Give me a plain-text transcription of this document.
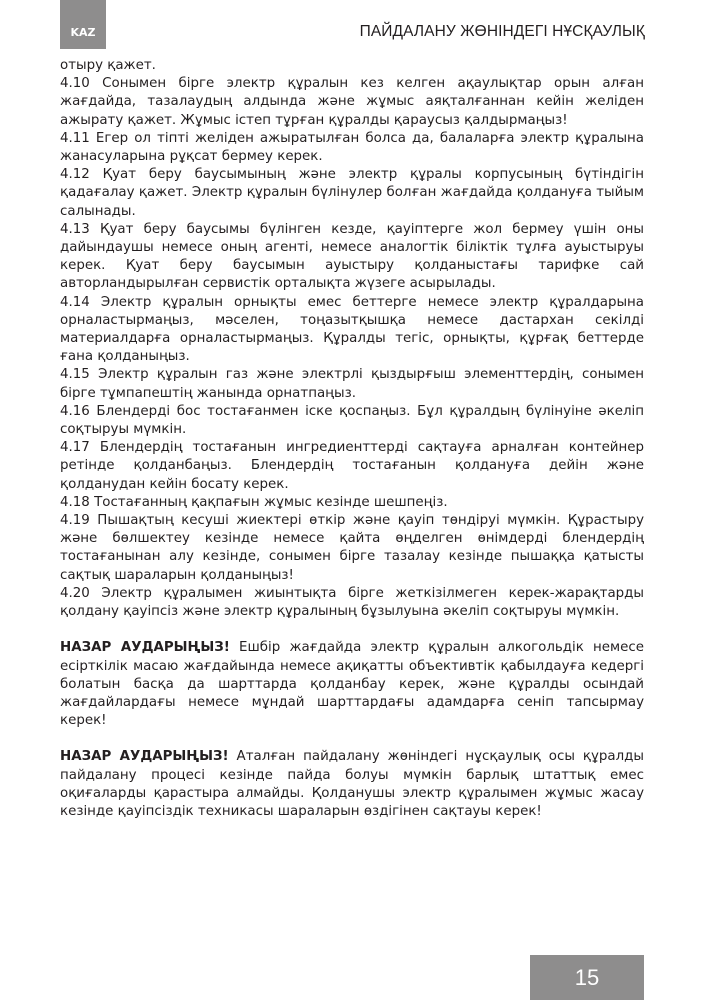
KAZ	ПАЙДАЛАНУ ЖӨНІНДЕГІ НҰСҚАУЛЫҚ

отыру қажет.

4.10 Сонымен бірге электр құралын кез келген ақаулықтар орын алған жағдайда, тазалаудың алдында және жұмыс аяқталғаннан кейін желіден ажырату қажет. Жұмыс істеп тұрған құралды қараусыз қалдырмаңыз!

4.11 Егер ол тіпті желіден ажыратылған болса да, балаларға электр құралына жанасуларына рұқсат бермеу керек.

4.12 Қуат беру баусымының және электр құралы корпусының бүтіндігін қадағалау қажет. Электр құралын бүлінулер болған жағдайда қолдануға тыйым салынады.

4.13 Қуат беру баусымы бүлінген кезде, қауіптерге жол бермеу үшін оны дайындаушы немесе оның агенті, немесе аналогтік біліктік тұлға ауыстыруы керек. Қуат беру баусымын ауыстыру қолданыстағы тарифке сай авторландырылған сервистік орталықта жүзеге асырылады.

4.14 Электр құралын орнықты емес беттерге немесе электр құралдарына орналастырмаңыз, мәселен, тоңазытқышқа немесе дастархан секілді материалдарға орналастырмаңыз. Құралды тегіс, орнықты, құрғақ беттерде ғана қолданыңыз.

4.15 Электр құралын газ және электрлі қыздырғыш элементтердің, сонымен бірге тұмпапештің жанында орнатпаңыз.

4.16 Блендерді бос тостағанмен іске қоспаңыз. Бұл құралдың бүлінуіне әкеліп соқтыруы мүмкін.

4.17 Блендердің тостағанын ингредиенттерді сақтауға арналған контейнер ретінде қолданбаңыз. Блендердің тостағанын қолдануға дейін және қолданудан кейін босату керек.

4.18 Тостағанның қақпағын жұмыс кезінде шешпеңіз.

4.19 Пышақтың кесуші жиектері өткір және қауіп төндіруі мүмкін. Құрастыру және бөлшектеу кезінде немесе қайта өңделген өнімдерді блендердің тостағанынан алу кезінде, сонымен бірге тазалау кезінде пышаққа қатысты сақтық шараларын қолданыңыз!

4.20 Электр құралымен жиынтықта бірге жеткізілмеген керек-жарақтарды қолдану қауіпсіз және электр құралының бұзылуына әкеліп соқтыруы мүмкін.

НАЗАР АУДАРЫҢЫЗ! Ешбір жағдайда электр құралын алкогольдік немесе есірткілік масаю жағдайында немесе ақиқатты объективтік қабылдауға кедергі болатын басқа да шарттарда қолданбау керек, және құралды осындай жағдайлардағы немесе мұндай шарттардағы адамдарға сеніп тапсырмау керек!

НАЗАР АУДАРЫҢЫЗ! Аталған пайдалану жөніндегі нұсқаулық осы құралды пайдалану процесі кезінде пайда болуы мүмкін барлық штаттық емес оқиғаларды қарастыра алмайды. Қолданушы электр құралымен жұмыс жасау кезінде қауіпсіздік техникасы шараларын өздігінен сақтауы керек!

15
